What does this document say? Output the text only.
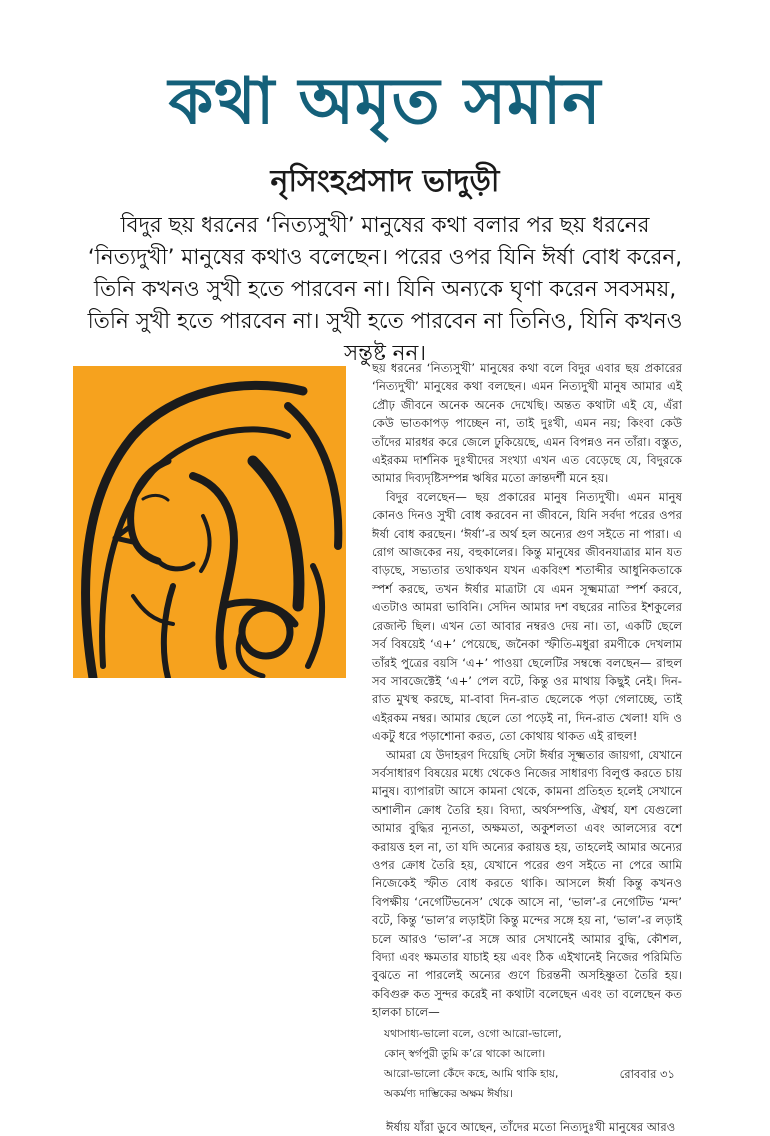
কথা অমৃত সমান
নৃসিংহপ্রসাদ ভাদুড়ী
বিদুর ছয় ধরনের ‘নিত্যসুখী’ মানুষের কথা বলার পর ছয় ধরনের ‘নিত্যদুখী’ মানুষের কথাও বলেছেন। পরের ওপর যিনি ঈর্ষা বোধ করেন, তিনি কখনও সুখী হতে পারবেন না। যিনি অন্যকে ঘৃণা করেন সবসময়, তিনি সুখী হতে পারবেন না। সুখী হতে পারবেন না তিনিও, যিনি কখনও সন্তুষ্ট নন।

ছয় ধরনের ‘নিত্যসুখী’ মানুষের কথা বলে বিদুর এবার ছয় প্রকারের ‘নিত্যদুখী’ মানুষের কথা বলছেন। এমন নিত্যদুখী মানুষ আমার এই প্রৌঢ় জীবনে অনেক অনেক দেখেছি। অন্তত কথাটা এই যে, এঁরা কেউ ভাতকাপড় পাচ্ছেন না, তাই দুঃখী, এমন নয়; কিংবা কেউ তাঁদের মারধর করে জেলে ঢুকিয়েছে, এমন বিপন্নও নন তাঁরা। বস্তুত, এইরকম দার্শনিক দুঃখীদের সংখ্যা এখন এত বেড়েছে যে, বিদুরকে আমার দিব্যদৃষ্টিসম্পন্ন ঋষির মতো ক্রান্তদর্শী মনে হয়।

বিদুর বলেছেন— ছয় প্রকারের মানুষ নিত্যদুখী। এমন মানুষ কোনও দিনও সুখী বোধ করবেন না জীবনে, যিনি সর্বদা পরের ওপর ঈর্ষা বোধ করছেন। ‘ঈর্ষা’-র অর্থ হল অন্যের গুণ সইতে না পারা। এ রোগ আজকের নয়, বহুকালের। কিন্তু মানুষের জীবনযাত্রার মান যত বাড়ছে, সভ্যতার তথাকথন যখন একবিংশ শতাব্দীর আধুনিকতাকে স্পর্শ করছে, তখন ঈর্ষার মাত্রাটা যে এমন সূক্ষ্মমাত্রা স্পর্শ করবে, এতটাও আমরা ভাবিনি। সেদিন আমার দশ বছরের নাতির ইশকুলের রেজাল্ট ছিল। এখন তো আবার নম্বরও দেয় না। তা, একটি ছেলে সর্ব বিষয়েই ‘এ+’ পেয়েছে, জনৈকা স্ফীতি-মধুরা রমণীকে দেখলাম তাঁরই পুত্রের বয়সি ‘এ+’ পাওয়া ছেলেটির সম্বন্ধে বলছেন— রাহুল সব সাবজেক্টেই ‘এ+’ পেল বটে, কিন্তু ওর মাথায় কিছুই নেই। দিন-রাত মুখস্থ করছে, মা-বাবা দিন-রাত ছেলেকে পড়া গেলাচ্ছে, তাই এইরকম নম্বর। আমার ছেলে তো পড়েই না, দিন-রাত খেলা! যদি ও একটু ধরে পড়াশোনা করত, তো কোথায় থাকত এই রাহুল!

আমরা যে উদাহরণ দিয়েছি সেটা ঈর্ষার সূক্ষ্মতার জায়গা, যেখানে সর্বসাধারণ বিষয়ের মধ্যে থেকেও নিজের সাধারণ্য বিলুপ্ত করতে চায় মানুষ। ব্যাপারটা আসে কামনা থেকে, কামনা প্রতিহত হলেই সেখানে অশালীন ক্রোধ তৈরি হয়। বিদ্যা, অর্থসম্পত্তি, ঐশ্বর্য, যশ যেগুলো আমার বুদ্ধির ন্যূনতা, অক্ষমতা, অকুশলতা এবং আলস্যের বশে করায়ত্ত হল না, তা যদি অন্যের করায়ত্ত হয়, তাহলেই আমার অন্যের ওপর ক্রোধ তৈরি হয়, যেখানে পরের গুণ সইতে না পেরে আমি নিজেকেই স্ফীত বোধ করতে থাকি। আসলে ঈর্ষা কিন্তু কখনও বিপক্ষীয় ‘নেগেটিভনেস’ থেকে আসে না, ‘ভাল’-র নেগেটিভ ‘মন্দ’ বটে, কিন্তু ‘ভাল’র লড়াইটা কিন্তু মন্দের সঙ্গে হয় না, ‘ভাল’-র লড়াই চলে আরও ‘ভাল’-র সঙ্গে আর সেখানেই আমার বুদ্ধি, কৌশল, বিদ্যা এবং ক্ষমতার যাচাই হয় এবং ঠিক এইখানেই নিজের পরিমিতি বুঝতে না পারলেই অন্যের গুণে চিরন্তনী অসহিষ্ণুতা তৈরি হয়। কবিগুরু কত সুন্দর করেই না কথাটা বলেছেন এবং তা বলেছেন কত হালকা চালে—

যথাসাধ্য-ভালো বলে, ওগো আরো-ভালো,
কোন্ স্বর্গপুরী তুমি ক’রে থাকো আলো।
আরো-ভালো কেঁদে কহে, আমি থাকি হায়,
অকর্মণ্য দাম্ভিকের অক্ষম ঈর্ষায়।

ঈর্ষায় যাঁরা ডুবে আছেন, তাঁদের মতো নিত্যদুঃখী মানুষের আরও

রোববার ৩১
